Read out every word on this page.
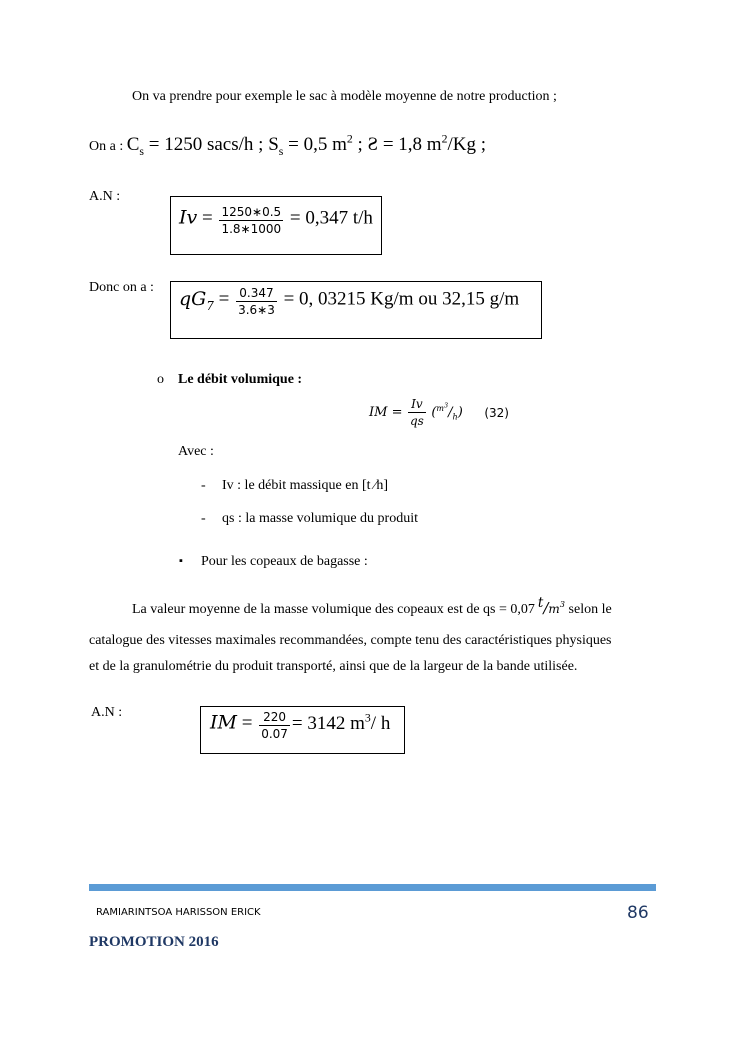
On va prendre pour exemple le sac à modèle moyenne de notre production ;
On a : $C_s = 1250$ sacs/h ; $S_s = 0,5$ $m^2$ ; Ƨ = 1,8 $m^2/Kg$ ;
A.N :
$Iv = \frac{1250∗0.5}{1.8∗1000} = 0,347$ t/h
Donc on a :
$qG_7 = \frac{0.347}{3.6∗3} = 0$, 03215 Kg/m ou 32,15 g/m
o Le débit volumique :
IM = $\frac{Iv}{qs} (^{m^3}/_h)$ (32)
Avec :
- Iv : le débit massique en [t ⁄h]
- qs : la masse volumique du produit
▪ Pour les copeaux de bagasse :
La valeur moyenne de la masse volumique des copeaux est de qs = 0,07 $^t/m^3$ selon le
catalogue des vitesses maximales recommandées, compte tenu des caractéristiques physiques
et de la granulométrie du produit transporté, ainsi que de la largeur de la bande utilisée.
A.N :	IM = $\frac{220}{0.07} = 3142$ $m^3/$ h
RAMIARINTSOA HARISSON ERICK	86
PROMOTION 2016
